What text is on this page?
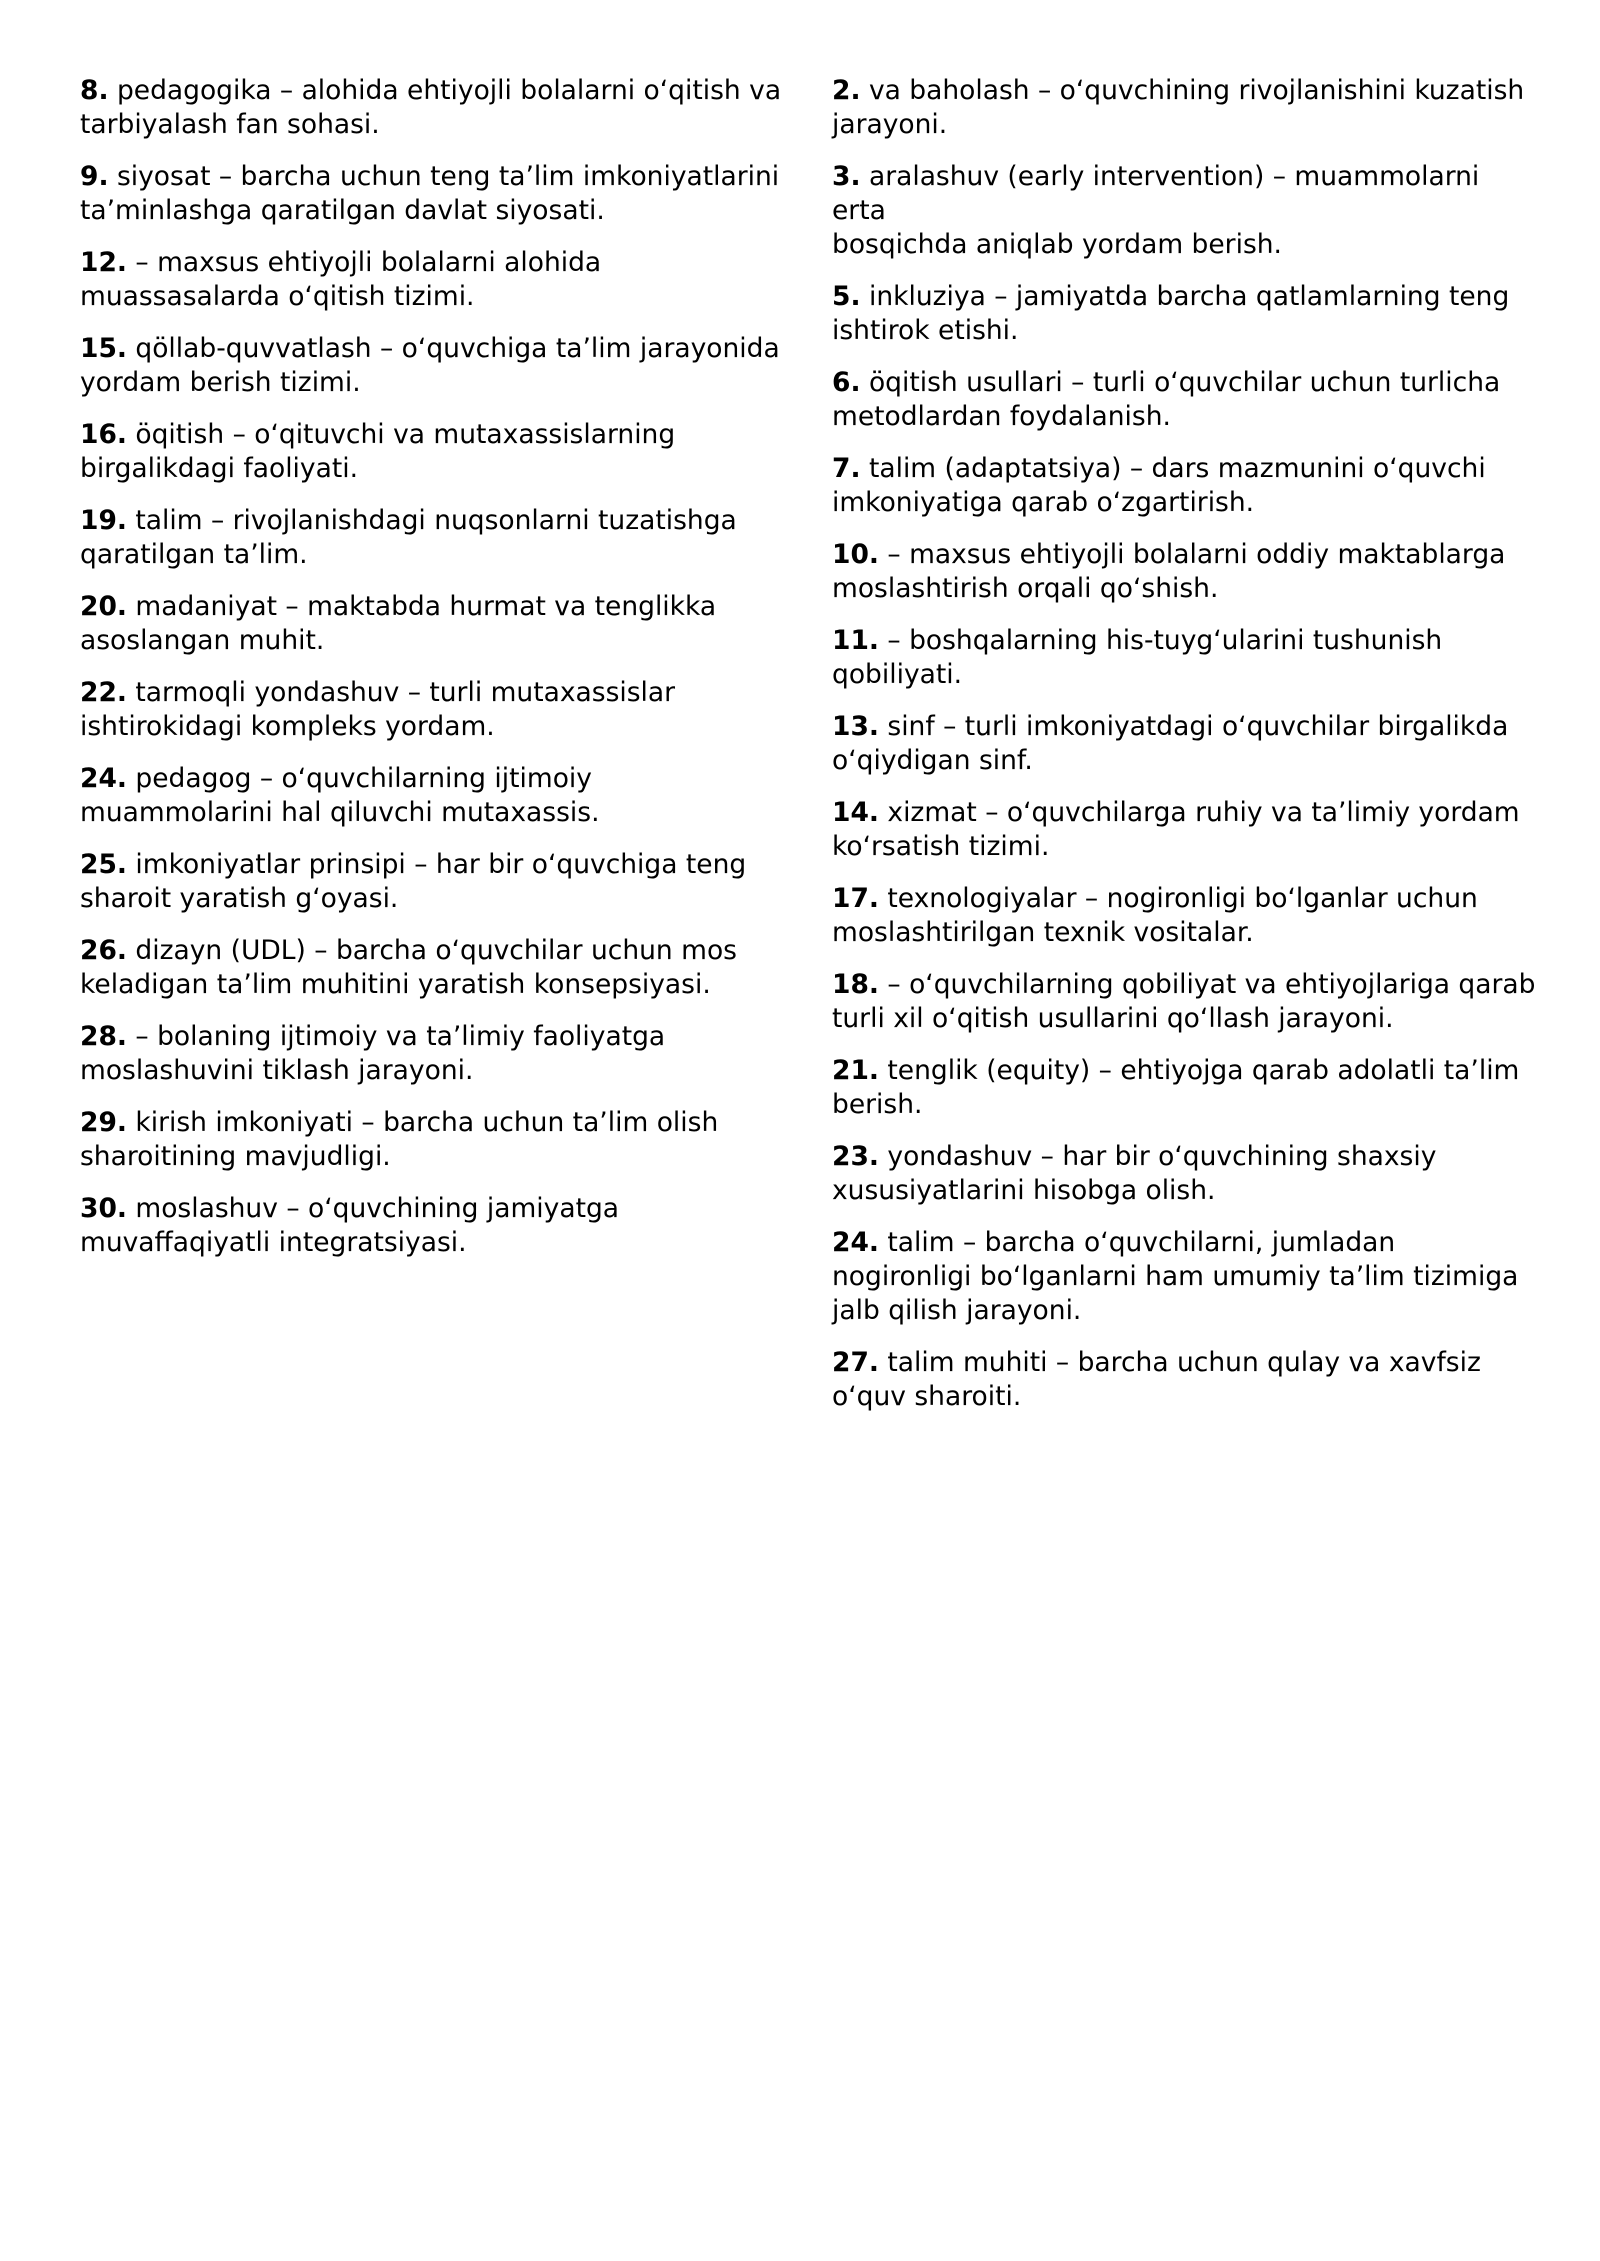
8. pedagogika – alohida ehtiyojli bolalarni oʻqitish va
tarbiyalash fan sohasi.
9. siyosat – barcha uchun teng ta’lim imkoniyatlarini
ta’minlashga qaratilgan davlat siyosati.
12. – maxsus ehtiyojli bolalarni alohida
muassasalarda oʻqitish tizimi.
15. qöllab-quvvatlash – oʻquvchiga ta’lim jarayonida
yordam berish tizimi.
16. öqitish – oʻqituvchi va mutaxassislarning
birgalikdagi faoliyati.
19. talim – rivojlanishdagi nuqsonlarni tuzatishga
qaratilgan ta’lim.
20. madaniyat – maktabda hurmat va tenglikka
asoslangan muhit.
22. tarmoqli yondashuv – turli mutaxassislar
ishtirokidagi kompleks yordam.
24. pedagog – oʻquvchilarning ijtimoiy
muammolarini hal qiluvchi mutaxassis.
25. imkoniyatlar prinsipi – har bir oʻquvchiga teng
sharoit yaratish gʻoyasi.
26. dizayn (UDL) – barcha oʻquvchilar uchun mos
keladigan ta’lim muhitini yaratish konsepsiyasi.
28. – bolaning ijtimoiy va ta’limiy faoliyatga
moslashuvini tiklash jarayoni.
29. kirish imkoniyati – barcha uchun ta’lim olish
sharoitining mavjudligi.
30. moslashuv – oʻquvchining jamiyatga
muvaffaqiyatli integratsiyasi.
2. va baholash – oʻquvchining rivojlanishini kuzatish
jarayoni.
3. aralashuv (early intervention) – muammolarni erta
bosqichda aniqlab yordam berish.
5. inkluziya – jamiyatda barcha qatlamlarning teng
ishtirok etishi.
6. öqitish usullari – turli oʻquvchilar uchun turlicha
metodlardan foydalanish.
7. talim (adaptatsiya) – dars mazmunini oʻquvchi
imkoniyatiga qarab oʻzgartirish.
10. – maxsus ehtiyojli bolalarni oddiy maktablarga
moslashtirish orqali qoʻshish.
11. – boshqalarning his-tuygʻularini tushunish
qobiliyati.
13. sinf – turli imkoniyatdagi oʻquvchilar birgalikda
oʻqiydigan sinf.
14. xizmat – oʻquvchilarga ruhiy va ta’limiy yordam
koʻrsatish tizimi.
17. texnologiyalar – nogironligi boʻlganlar uchun
moslashtirilgan texnik vositalar.
18. – oʻquvchilarning qobiliyat va ehtiyojlariga qarab
turli xil oʻqitish usullarini qoʻllash jarayoni.
21. tenglik (equity) – ehtiyojga qarab adolatli ta’lim
berish.
23. yondashuv – har bir oʻquvchining shaxsiy
xususiyatlarini hisobga olish.
24. talim – barcha oʻquvchilarni, jumladan
nogironligi boʻlganlarni ham umumiy ta’lim tizimiga
jalb qilish jarayoni.
27. talim muhiti – barcha uchun qulay va xavfsiz
oʻquv sharoiti.
